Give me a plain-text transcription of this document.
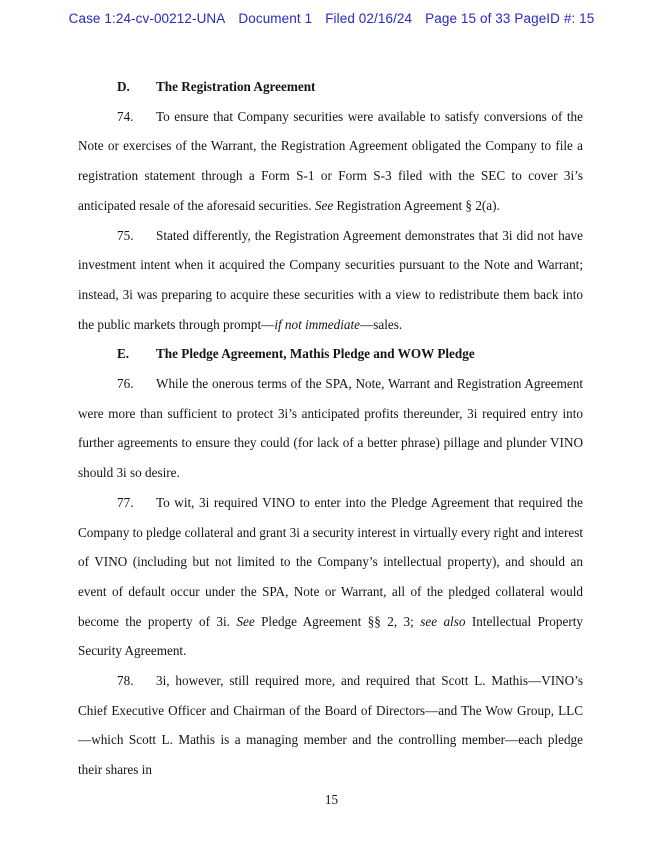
Case 1:24-cv-00212-UNA Document 1 Filed 02/16/24 Page 15 of 33 PageID #: 15
D. The Registration Agreement

74. To ensure that Company securities were available to satisfy conversions of the Note or exercises of the Warrant, the Registration Agreement obligated the Company to file a registration statement through a Form S-1 or Form S-3 filed with the SEC to cover 3i’s anticipated resale of the aforesaid securities. See Registration Agreement § 2(a).

75. Stated differently, the Registration Agreement demonstrates that 3i did not have investment intent when it acquired the Company securities pursuant to the Note and Warrant; instead, 3i was preparing to acquire these securities with a view to redistribute them back into the public markets through prompt—if not immediate—sales.

E. The Pledge Agreement, Mathis Pledge and WOW Pledge

76. While the onerous terms of the SPA, Note, Warrant and Registration Agreement were more than sufficient to protect 3i’s anticipated profits thereunder, 3i required entry into further agreements to ensure they could (for lack of a better phrase) pillage and plunder VINO should 3i so desire.

77. To wit, 3i required VINO to enter into the Pledge Agreement that required the Company to pledge collateral and grant 3i a security interest in virtually every right and interest of VINO (including but not limited to the Company’s intellectual property), and should an event of default occur under the SPA, Note or Warrant, all of the pledged collateral would become the property of 3i. See Pledge Agreement §§ 2, 3; see also Intellectual Property Security Agreement.

78. 3i, however, still required more, and required that Scott L. Mathis—VINO’s Chief Executive Officer and Chairman of the Board of Directors—and The Wow Group, LLC—which Scott L. Mathis is a managing member and the controlling member—each pledge their shares in

15
